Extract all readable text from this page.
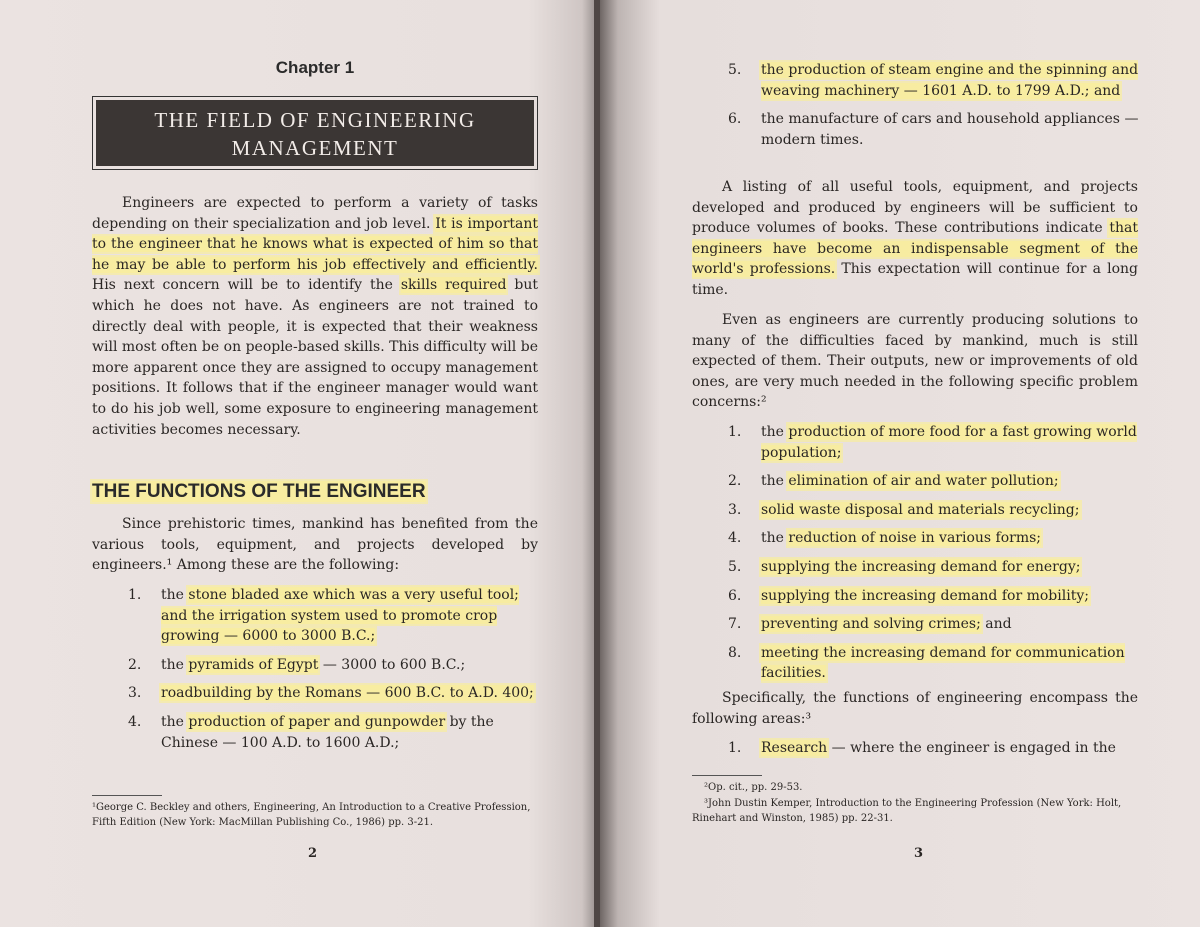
Chapter 1
THE FIELD OF ENGINEERING
MANAGEMENT

Engineers are expected to perform a variety of tasks depending on their specialization and job level. It is important to the engineer that he knows what is expected of him so that he may be able to perform his job effectively and efficiently. His next concern will be to identify the skills required but which he does not have. As engineers are not trained to directly deal with people, it is expected that their weakness will most often be on people-based skills. This difficulty will be more apparent once they are assigned to occupy management positions. It follows that if the engineer manager would want to do his job well, some exposure to engineering management activities becomes necessary.

THE FUNCTIONS OF THE ENGINEER

Since prehistoric times, mankind has benefited from the various tools, equipment, and projects developed by engineers.¹ Among these are the following:

1. the stone bladed axe which was a very useful tool; and the irrigation system used to promote crop growing — 6000 to 3000 B.C.;
2. the pyramids of Egypt — 3000 to 600 B.C.;
3. roadbuilding by the Romans — 600 B.C. to A.D. 400;
4. the production of paper and gunpowder by the Chinese — 100 A.D. to 1600 A.D.;

¹George C. Beckley and others, Engineering, An Introduction to a Creative Profession, Fifth Edition (New York: MacMillan Publishing Co., 1986) pp. 3-21.

2
5. the production of steam engine and the spinning and weaving machinery — 1601 A.D. to 1799 A.D.; and
6. the manufacture of cars and household appliances — modern times.

A listing of all useful tools, equipment, and projects developed and produced by engineers will be sufficient to produce volumes of books. These contributions indicate that engineers have become an indispensable segment of the world's professions. This expectation will continue for a long time.

Even as engineers are currently producing solutions to many of the difficulties faced by mankind, much is still expected of them. Their outputs, new or improvements of old ones, are very much needed in the following specific problem concerns:²

1. the production of more food for a fast growing world population;
2. the elimination of air and water pollution;
3. solid waste disposal and materials recycling;
4. the reduction of noise in various forms;
5. supplying the increasing demand for energy;
6. supplying the increasing demand for mobility;
7. preventing and solving crimes; and
8. meeting the increasing demand for communication facilities.

Specifically, the functions of engineering encompass the following areas:³

1. Research — where the engineer is engaged in the

²Op. cit., pp. 29-53.

³John Dustin Kemper, Introduction to the Engineering Profession (New York: Holt, Rinehart and Winston, 1985) pp. 22-31.

3
